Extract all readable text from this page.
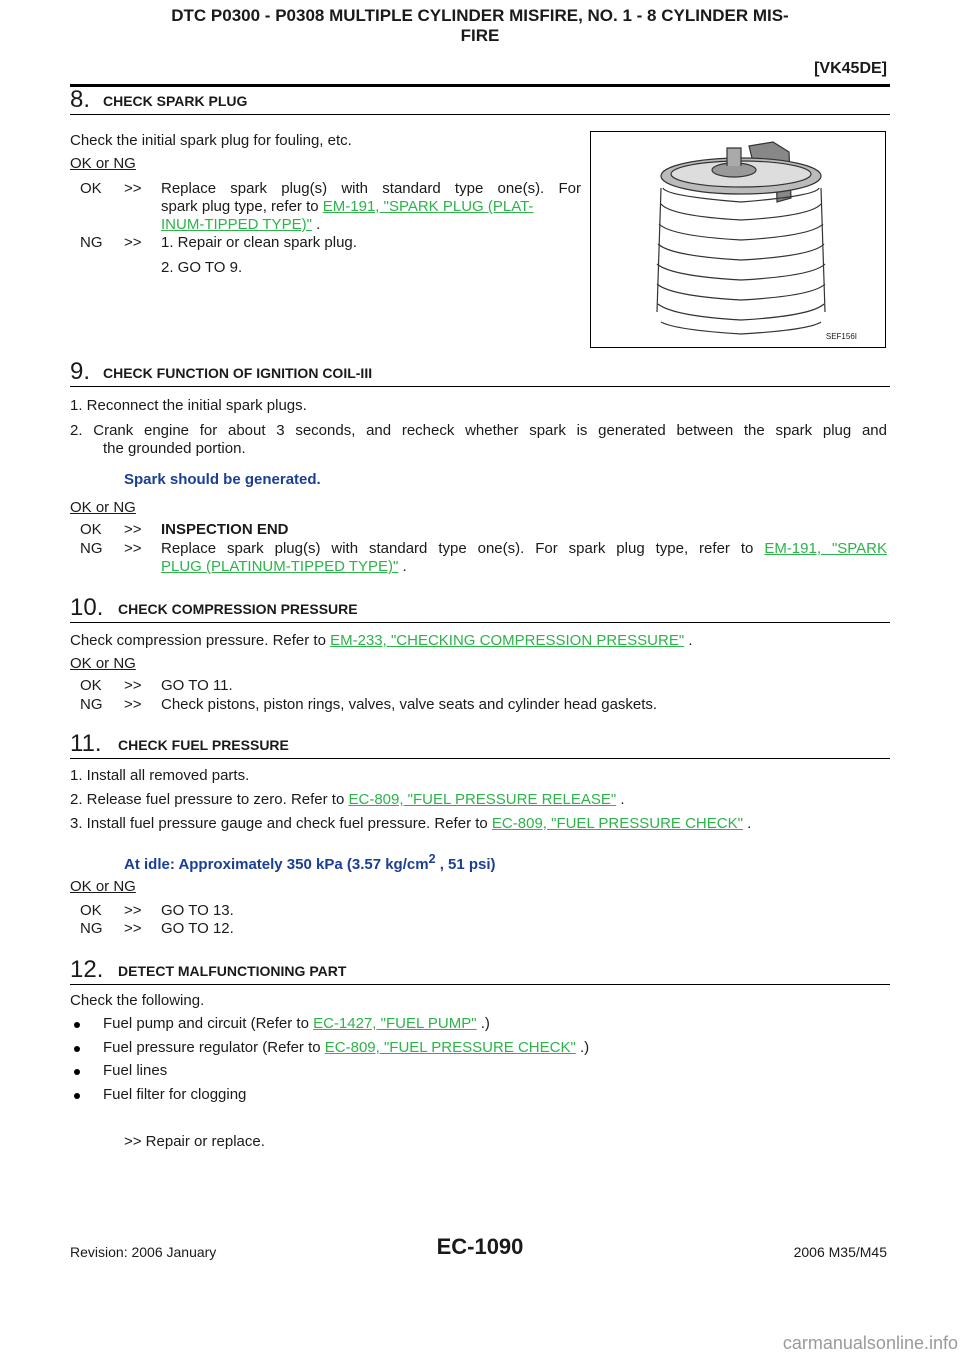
DTC P0300 - P0308 MULTIPLE CYLINDER MISFIRE, NO. 1 - 8 CYLINDER MIS-
FIRE
[VK45DE]
8. CHECK SPARK PLUG
Check the initial spark plug for fouling, etc.
OK or NG
OK >> Replace spark plug(s) with standard type one(s). For
spark plug type, refer to EM-191, "SPARK PLUG (PLAT-
INUM-TIPPED TYPE)" .
NG >> 1. Repair or clean spark plug.
2. GO TO 9.
SEF156I
9. CHECK FUNCTION OF IGNITION COIL-III
1. Reconnect the initial spark plugs.
2. Crank engine for about 3 seconds, and recheck whether spark is generated between the spark plug and
the grounded portion.
Spark should be generated.
OK or NG
OK >> INSPECTION END
NG >> Replace spark plug(s) with standard type one(s). For spark plug type, refer to EM-191, "SPARK
PLUG (PLATINUM-TIPPED TYPE)" .
10. CHECK COMPRESSION PRESSURE
Check compression pressure. Refer to EM-233, "CHECKING COMPRESSION PRESSURE" .
OK or NG
OK >> GO TO 11.
NG >> Check pistons, piston rings, valves, valve seats and cylinder head gaskets.
11. CHECK FUEL PRESSURE
1. Install all removed parts.
2. Release fuel pressure to zero. Refer to EC-809, "FUEL PRESSURE RELEASE" .
3. Install fuel pressure gauge and check fuel pressure. Refer to EC-809, "FUEL PRESSURE CHECK" .
At idle: Approximately 350 kPa (3.57 $kg/cm^2$ , 51 psi)
OK or NG
OK >> GO TO 13.
NG >> GO TO 12.
12. DETECT MALFUNCTIONING PART
Check the following.
Fuel pump and circuit (Refer to EC-1427, "FUEL PUMP" .)
Fuel pressure regulator (Refer to EC-809, "FUEL PRESSURE CHECK" .)
Fuel lines
Fuel filter for clogging
>> Repair or replace.
Revision: 2006 January	EC-1090	2006 M35/M45
carmanualsonline.info
